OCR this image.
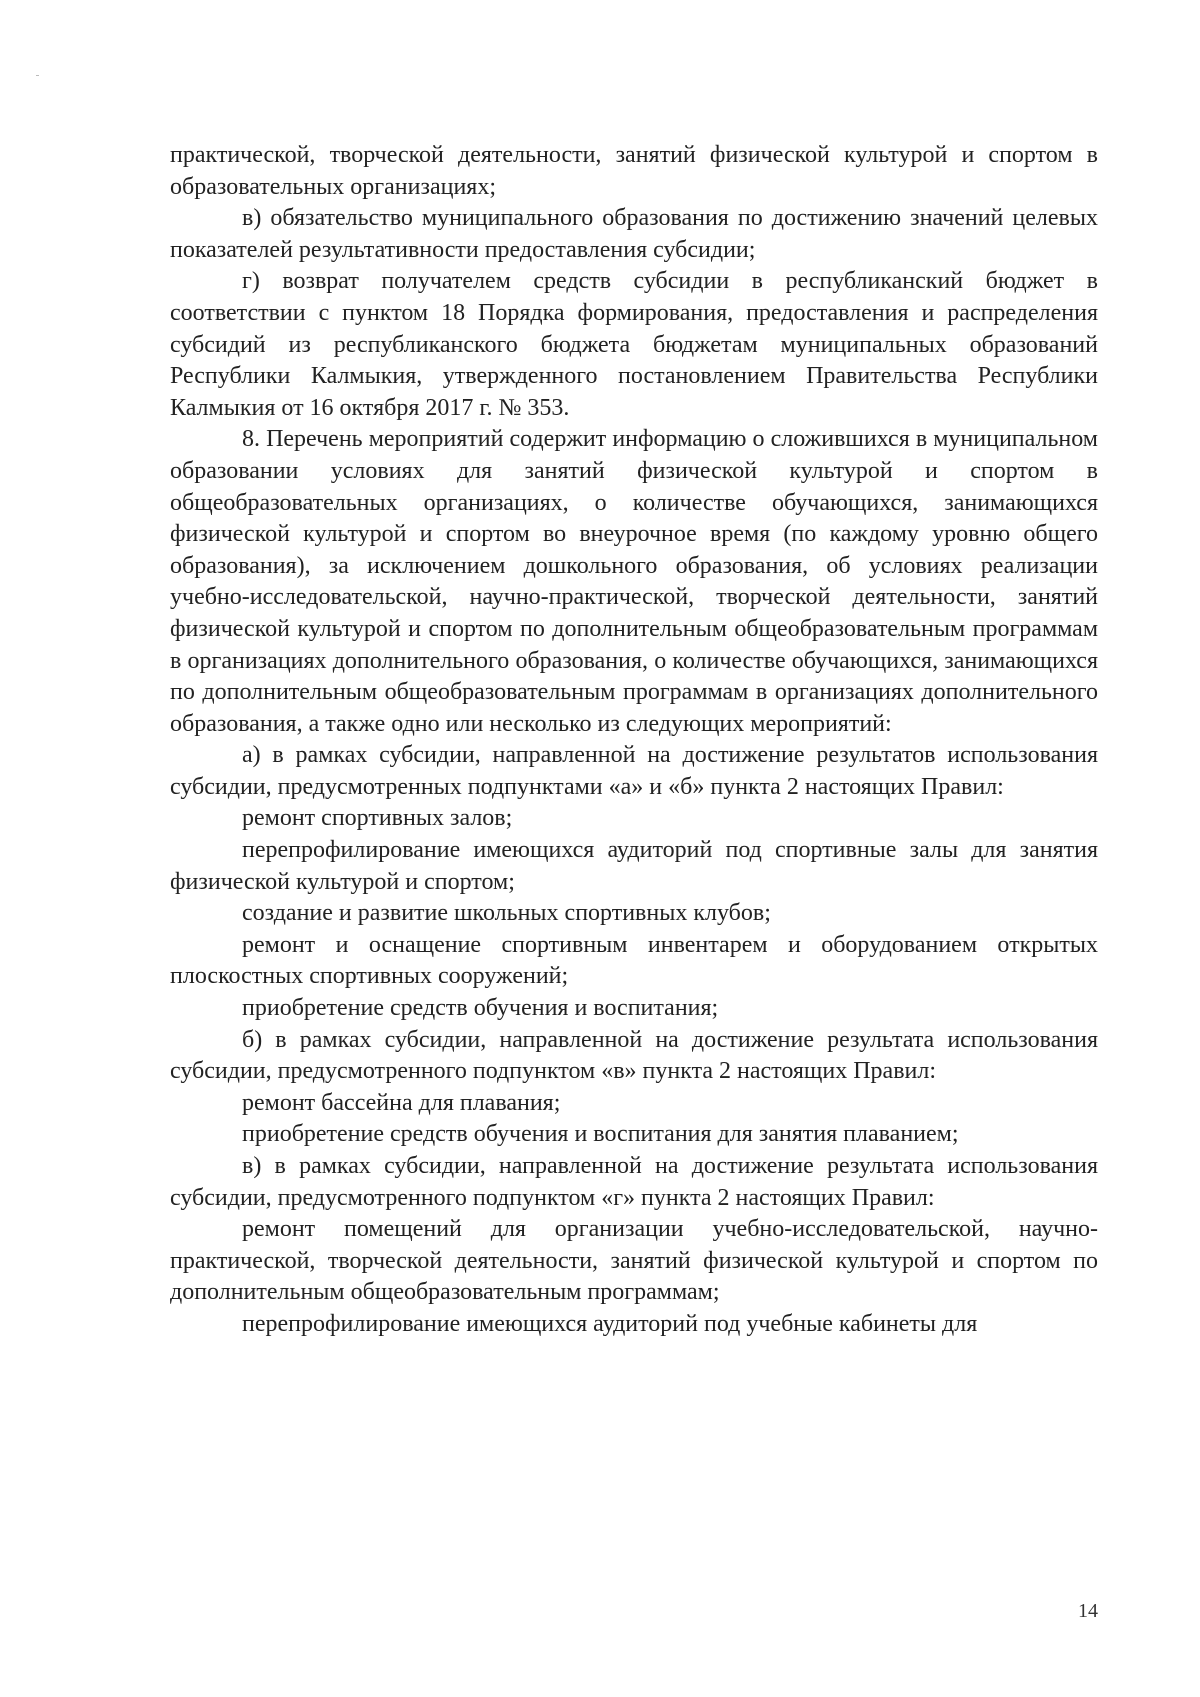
практической, творческой деятельности, занятий физической культурой и спортом в образовательных организациях;

в) обязательство муниципального образования по достижению значений целевых показателей результативности предоставления субсидии;

г) возврат получателем средств субсидии в республиканский бюджет в соответствии с пунктом 18 Порядка формирования, предоставления и распределения субсидий из республиканского бюджета бюджетам муниципальных образований Республики Калмыкия, утвержденного постановлением Правительства Республики Калмыкия от 16 октября 2017 г. № 353.

8. Перечень мероприятий содержит информацию о сложившихся в муниципальном образовании условиях для занятий физической культурой и спортом в общеобразовательных организациях, о количестве обучающихся, занимающихся физической культурой и спортом во внеурочное время (по каждому уровню общего образования), за исключением дошкольного образования, об условиях реализации учебно-исследовательской, научно-практической, творческой деятельности, занятий физической культурой и спортом по дополнительным общеобразовательным программам в организациях дополнительного образования, о количестве обучающихся, занимающихся по дополнительным общеобразовательным программам в организациях дополнительного образования, а также одно или несколько из следующих мероприятий:

а) в рамках субсидии, направленной на достижение результатов использования субсидии, предусмотренных подпунктами «а» и «б» пункта 2 настоящих Правил:

ремонт спортивных залов;

перепрофилирование имеющихся аудиторий под спортивные залы для занятия физической культурой и спортом;

создание и развитие школьных спортивных клубов;

ремонт и оснащение спортивным инвентарем и оборудованием открытых плоскостных спортивных сооружений;

приобретение средств обучения и воспитания;

б) в рамках субсидии, направленной на достижение результата использования субсидии, предусмотренного подпунктом «в» пункта 2 настоящих Правил:

ремонт бассейна для плавания;

приобретение средств обучения и воспитания для занятия плаванием;

в) в рамках субсидии, направленной на достижение результата использования субсидии, предусмотренного подпунктом «г» пункта 2 настоящих Правил:

ремонт помещений для организации учебно-исследовательской, научно-практической, творческой деятельности, занятий физической культурой и спортом по дополнительным общеобразовательным программам;

перепрофилирование имеющихся аудиторий под учебные кабинеты для

14
